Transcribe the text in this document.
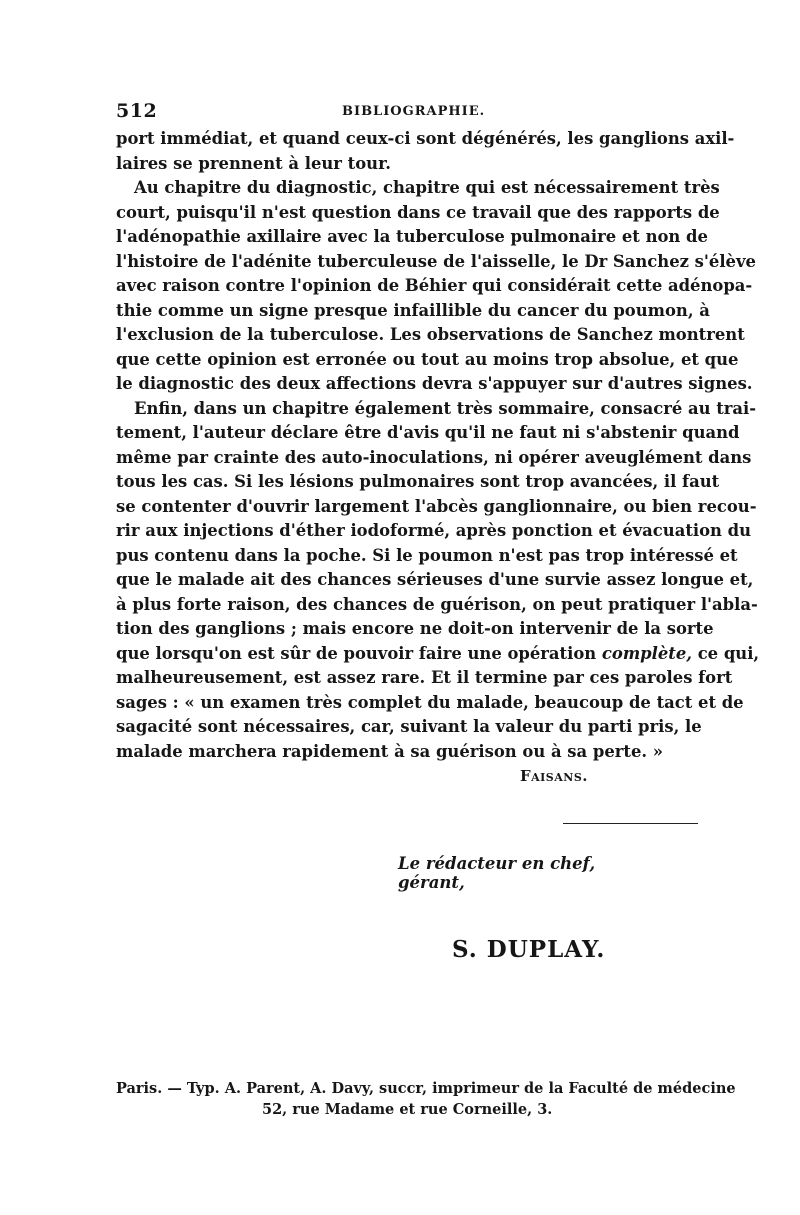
512	BIBLIOGRAPHIE.
port immédiat, et quand ceux-ci sont dégénérés, les ganglions axil-
laires se prennent à leur tour.
Au chapitre du diagnostic, chapitre qui est nécessairement très
court, puisqu'il n'est question dans ce travail que des rapports de
l'adénopathie axillaire avec la tuberculose pulmonaire et non de
l'histoire de l'adénite tuberculeuse de l'aisselle, le Dr Sanchez s'élève
avec raison contre l'opinion de Béhier qui considérait cette adénopa-
thie comme un signe presque infaillible du cancer du poumon, à
l'exclusion de la tuberculose. Les observations de Sanchez montrent
que cette opinion est erronée ou tout au moins trop absolue, et que
le diagnostic des deux affections devra s'appuyer sur d'autres signes.
Enfin, dans un chapitre également très sommaire, consacré au trai-
tement, l'auteur déclare être d'avis qu'il ne faut ni s'abstenir quand
même par crainte des auto-inoculations, ni opérer aveuglément dans
tous les cas. Si les lésions pulmonaires sont trop avancées, il faut
se contenter d'ouvrir largement l'abcès ganglionnaire, ou bien recou-
rir aux injections d'éther iodoformé, après ponction et évacuation du
pus contenu dans la poche. Si le poumon n'est pas trop intéressé et
que le malade ait des chances sérieuses d'une survie assez longue et,
à plus forte raison, des chances de guérison, on peut pratiquer l'abla-
tion des ganglions ; mais encore ne doit-on intervenir de la sorte
que lorsqu'on est sûr de pouvoir faire une opération complète, ce qui,
malheureusement, est assez rare. Et il termine par ces paroles fort
sages : « un examen très complet du malade, beaucoup de tact et de
sagacité sont nécessaires, car, suivant la valeur du parti pris, le
malade marchera rapidement à sa guérison ou à sa perte. »
Faisans.
Le rédacteur en chef, gérant,
S. DUPLAY.
Paris. — Typ. A. Parent, A. Davy, succr, imprimeur de la Faculté de médecine
52, rue Madame et rue Corneille, 3.
